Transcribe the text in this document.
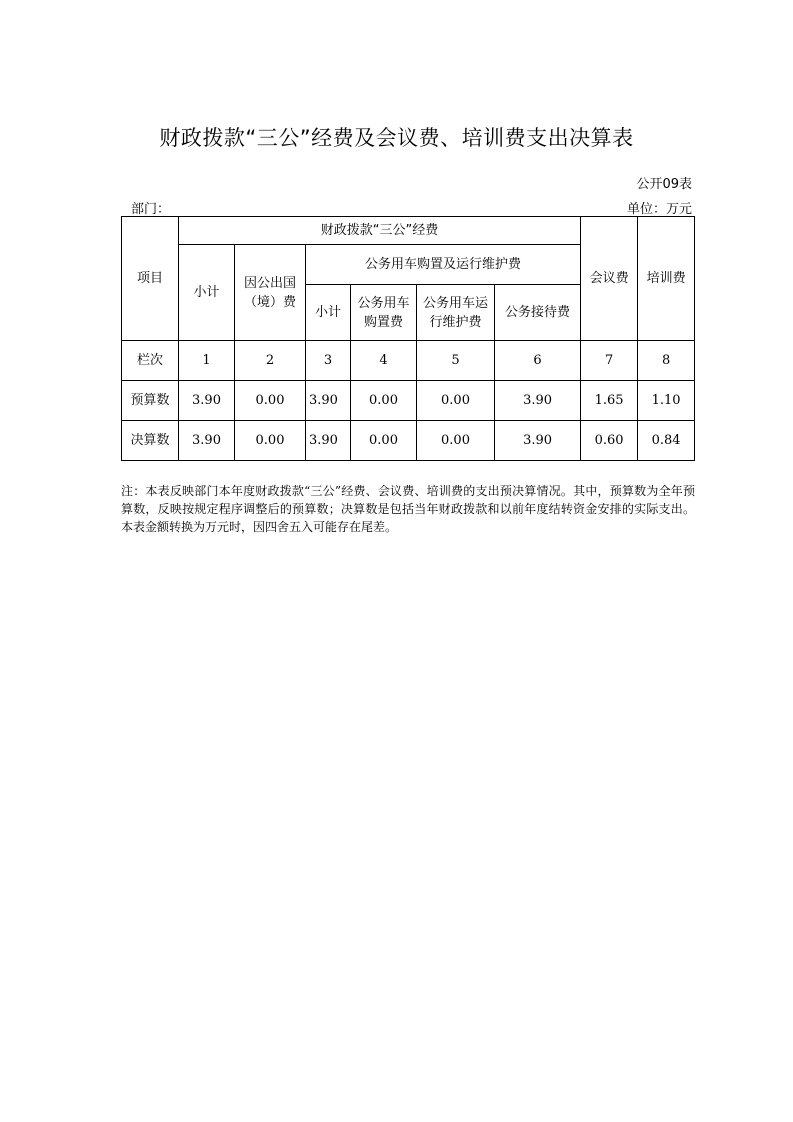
财政拨款“三公”经费及会议费、培训费支出决算表
公开09表
部门：	单位：万元
项目	财政拨款“三公”经费						会议费	培训费
	小计	因公出国（境）费	公务用车购置及运行维护费					
			小计	公务用车购置费	公务用车运行维护费	公务接待费		
栏次	1	2	3	4	5	6	7	8
预算数	3.90	0.00	3.90	0.00	0.00	3.90	1.65	1.10
决算数	3.90	0.00	3.90	0.00	0.00	3.90	0.60	0.84
注：本表反映部门本年度财政拨款“三公”经费、会议费、培训费的支出预决算情况。其中，预算数为全年预算数，反映按规定程序调整后的预算数；决算数是包括当年财政拨款和以前年度结转资金安排的实际支出。本表金额转换为万元时，因四舍五入可能存在尾差。
